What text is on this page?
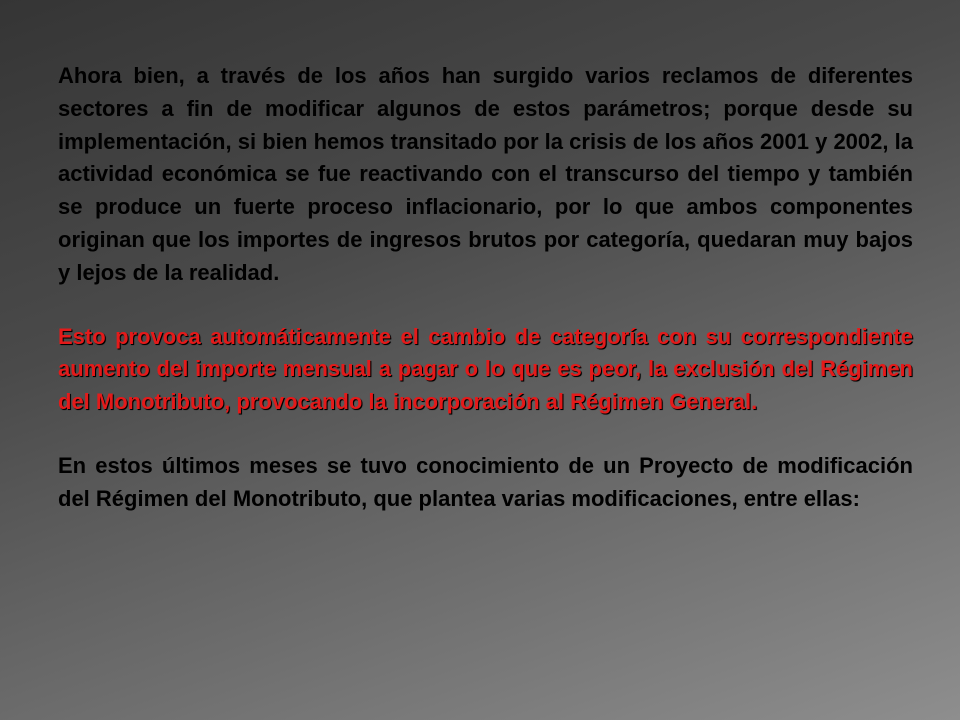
Ahora bien, a través de los años han surgido varios reclamos de diferentes sectores a fin de modificar algunos de estos parámetros; porque desde su implementación, si bien hemos transitado por la crisis de los años 2001 y 2002, la actividad económica se fue reactivando con el transcurso del tiempo y también se produce un fuerte proceso inflacionario, por lo que ambos componentes originan que los importes de ingresos brutos por categoría, quedaran muy bajos y lejos de la realidad.

Esto provoca automáticamente el cambio de categoría con su correspondiente aumento del importe mensual a pagar o lo que es peor, la exclusión del Régimen del Monotributo, provocando la incorporación al Régimen General.

En estos últimos meses se tuvo conocimiento de un Proyecto de modificación del Régimen del Monotributo, que plantea varias modificaciones, entre ellas:
